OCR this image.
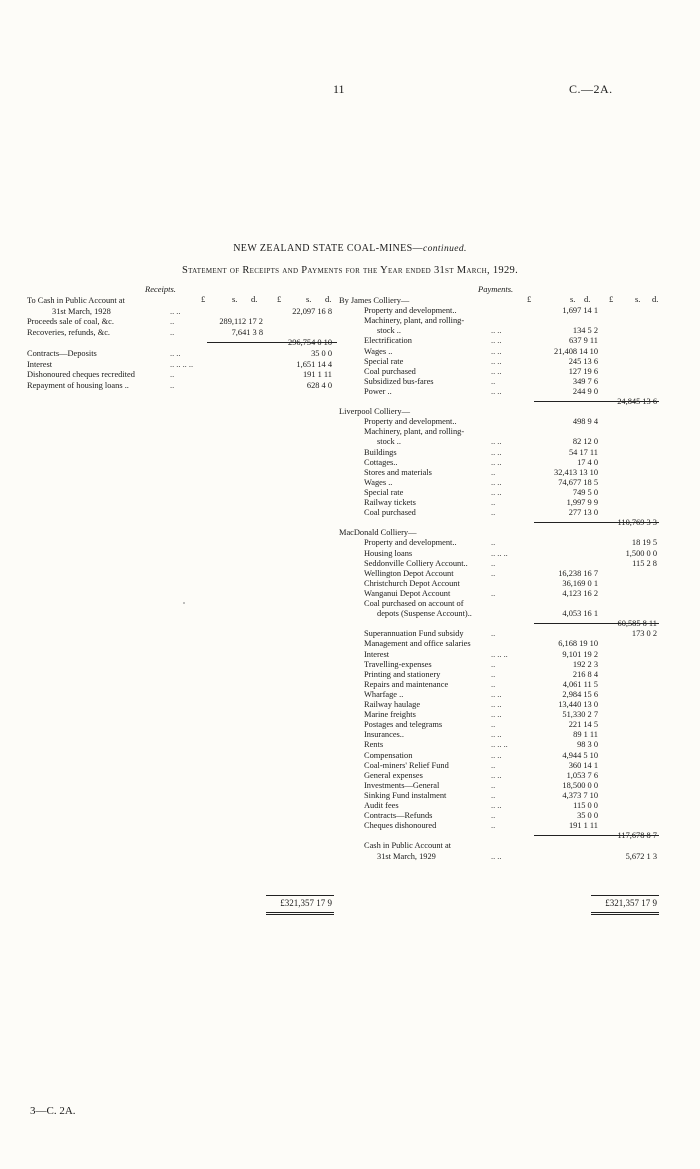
11	C.—2A.
NEW ZEALAND STATE COAL-MINES—continued.
Statement of Receipts and Payments for the Year ended 31st March, 1929.
Receipts.
£	s. d. £	s. d.
To Cash in Public Account at
31st March, 1928	.. ..	22,097 16 8
Proceeds sale of coal, &c.	..	289,112 17 2
Recoveries, refunds, &c.	..	7,641 3 8
296,754 0 10
Contracts—Deposits	.. ..	35 0 0
Interest	.. .. .. ..	1,651 14 4
Dishonoured cheques recredited	..	191 1 11
Repayment of housing loans ..	..	628 4 0
£321,357 17 9
Payments.
£	s. d. £	s. d.
By James Colliery—
Property and development..	1,697 14 1
Machinery, plant, and rolling-
stock ..	.. ..	134 5 2
Electrification	.. ..	637 9 11
Wages ..	.. ..	21,408 14 10
Special rate	.. ..	245 13 6
Coal purchased	.. ..	127 19 6
Subsidized bus-fares	..	349 7 6
Power ..	.. ..	244 9 0
24,845 13 6
Liverpool Colliery—
Property and development..	498 9 4
Machinery, plant, and rolling-
stock ..	.. ..	82 12 0
Buildings	.. ..	54 17 11
Cottages..	.. ..	17 4 0
Stores and materials	..	32,413 13 10
Wages ..	.. ..	74,677 18 5
Special rate	.. ..	749 5 0
Railway tickets	..	1,997 9 9
Coal purchased	..	277 13 0
110,769 3 3
MacDonald Colliery—
Property and development..	..	18 19 5
Housing loans	.. .. ..	1,500 0 0
Seddonville Colliery Account..	..	115 2 8
Wellington Depot Account	..	16,238 16 7
Christchurch Depot Account	36,169 0 1
Wanganui Depot Account	..	4,123 16 2
Coal purchased on account of
depots (Suspense Account)..	4,053 16 1
60,585 8 11
Superannuation Fund subsidy	..	173 0 2
Management and office salaries	6,168 19 10
Interest	.. .. ..	9,101 19 2
Travelling-expenses	..	192 2 3
Printing and stationery	..	216 8 4
Repairs and maintenance	..	4,061 11 5
Wharfage ..	.. ..	2,984 15 6
Railway haulage	.. ..	13,440 13 0
Marine freights	.. ..	51,330 2 7
Postages and telegrams	..	221 14 5
Insurances..	.. ..	89 1 11
Rents	.. .. ..	98 3 0
Compensation	.. ..	4,944 5 10
Coal-miners' Relief Fund	..	360 14 1
General expenses	.. ..	1,053 7 6
Investments—General	..	18,500 0 0
Sinking Fund instalment	..	4,373 7 10
Audit fees	.. ..	115 0 0
Contracts—Refunds	..	35 0 0
Cheques dishonoured	..	191 1 11
117,678 8 7
Cash in Public Account at
31st March, 1929	.. ..	5,672 1 3
£321,357 17 9
3—C. 2A.
